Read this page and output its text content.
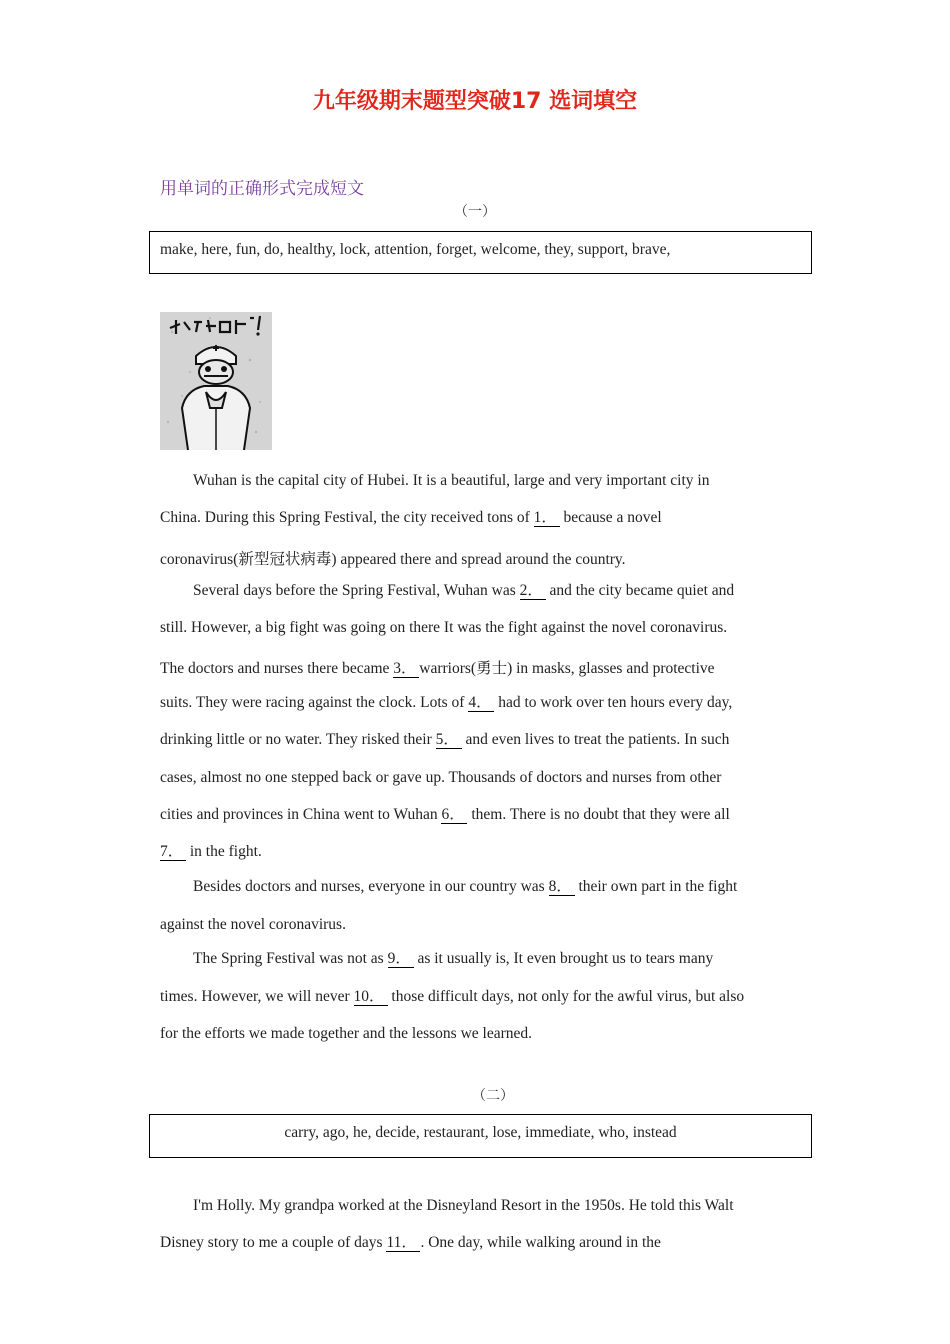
九年级期末题型突破17 选词填空
用单词的正确形式完成短文
（一）
make, here, fun, do, healthy, lock, attention, forget, welcome, they, support, brave,
Wuhan is the capital city of Hubei. It is a beautiful, large and very important city in
China. During this Spring Festival, the city received tons of 1． because a novel
coronavirus(新型冠状病毒) appeared there and spread around the country.
Several days before the Spring Festival, Wuhan was 2． and the city became quiet and
still. However, a big fight was going on there It was the fight against the novel coronavirus.
The doctors and nurses there became 3． warriors(勇士) in masks, glasses and protective
suits. They were racing against the clock. Lots of 4． had to work over ten hours every day,
drinking little or no water. They risked their 5． and even lives to treat the patients. In such
cases, almost no one stepped back or gave up. Thousands of doctors and nurses from other
cities and provinces in China went to Wuhan 6． them. There is no doubt that they were all
7． in the fight.
Besides doctors and nurses, everyone in our country was 8． their own part in the fight
against the novel coronavirus.
The Spring Festival was not as 9． as it usually is, It even brought us to tears many
times. However, we will never 10． those difficult days, not only for the awful virus, but also
for the efforts we made together and the lessons we learned.
（二）
carry, ago, he, decide, restaurant, lose, immediate, who, instead
I'm Holly. My grandpa worked at the Disneyland Resort in the 1950s. He told this Walt
Disney story to me a couple of days 11． . One day, while walking around in the
